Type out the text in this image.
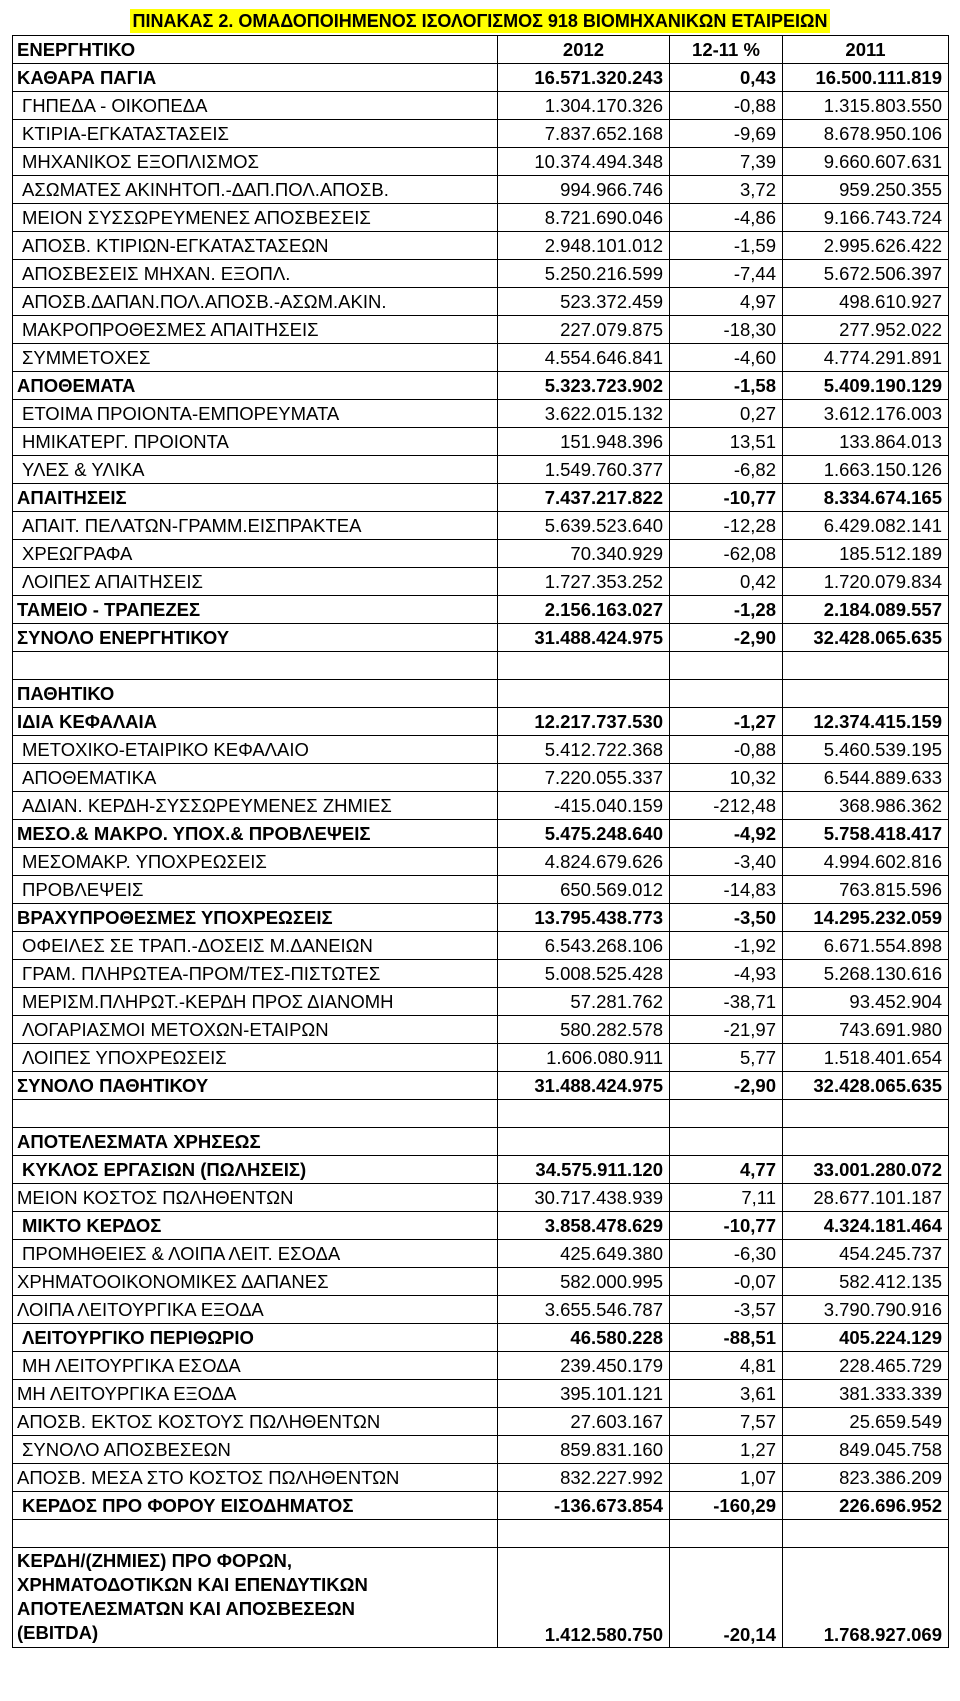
ΠΙΝΑΚΑΣ 2. ΟΜΑΔΟΠΟΙΗΜΕΝΟΣ ΙΣΟΛΟΓΙΣΜΟΣ 918 ΒΙΟΜΗΧΑΝΙΚΩΝ ΕΤΑΙΡΕΙΩΝ
ΕΝΕΡΓΗΤΙΚΟ	2012	12-11 %	2011
ΚΑΘΑΡΑ ΠΑΓΙΑ	16.571.320.243	0,43	16.500.111.819
ΓΗΠΕΔΑ - ΟΙΚΟΠΕΔΑ	1.304.170.326	-0,88	1.315.803.550
ΚΤΙΡΙΑ-ΕΓΚΑΤΑΣΤΑΣΕΙΣ	7.837.652.168	-9,69	8.678.950.106
ΜΗΧΑΝΙΚΟΣ ΕΞΟΠΛΙΣΜΟΣ	10.374.494.348	7,39	9.660.607.631
ΑΣΩΜΑΤΕΣ ΑΚΙΝΗΤΟΠ.-ΔΑΠ.ΠΟΛ.ΑΠΟΣΒ.	994.966.746	3,72	959.250.355
ΜΕΙΟΝ ΣΥΣΣΩΡΕΥΜΕΝΕΣ ΑΠΟΣΒΕΣΕΙΣ	8.721.690.046	-4,86	9.166.743.724
ΑΠΟΣΒ. ΚΤΙΡΙΩΝ-ΕΓΚΑΤΑΣΤΑΣΕΩΝ	2.948.101.012	-1,59	2.995.626.422
ΑΠΟΣΒΕΣΕΙΣ ΜΗΧΑΝ. ΕΞΟΠΛ.	5.250.216.599	-7,44	5.672.506.397
ΑΠΟΣΒ.ΔΑΠΑΝ.ΠΟΛ.ΑΠΟΣΒ.-ΑΣΩΜ.ΑΚΙΝ.	523.372.459	4,97	498.610.927
ΜΑΚΡΟΠΡΟΘΕΣΜΕΣ ΑΠΑΙΤΗΣΕΙΣ	227.079.875	-18,30	277.952.022
ΣΥΜΜΕΤΟΧΕΣ	4.554.646.841	-4,60	4.774.291.891
ΑΠΟΘΕΜΑΤΑ	5.323.723.902	-1,58	5.409.190.129
ΕΤΟΙΜΑ ΠΡΟΙΟΝΤΑ-ΕΜΠΟΡΕΥΜΑΤΑ	3.622.015.132	0,27	3.612.176.003
ΗΜΙΚΑΤΕΡΓ. ΠΡΟΙΟΝΤΑ	151.948.396	13,51	133.864.013
ΥΛΕΣ & ΥΛΙΚΑ	1.549.760.377	-6,82	1.663.150.126
ΑΠΑΙΤΗΣΕΙΣ	7.437.217.822	-10,77	8.334.674.165
ΑΠΑΙΤ. ΠΕΛΑΤΩΝ-ΓΡΑΜΜ.ΕΙΣΠΡΑΚΤΕΑ	5.639.523.640	-12,28	6.429.082.141
ΧΡΕΩΓΡΑΦΑ	70.340.929	-62,08	185.512.189
ΛΟΙΠΕΣ ΑΠΑΙΤΗΣΕΙΣ	1.727.353.252	0,42	1.720.079.834
ΤΑΜΕΙΟ - ΤΡΑΠΕΖΕΣ	2.156.163.027	-1,28	2.184.089.557
ΣΥΝΟΛΟ ΕΝΕΡΓΗΤΙΚΟΥ	31.488.424.975	-2,90	32.428.065.635

ΠΑΘΗΤΙΚΟ			
ΙΔΙΑ ΚΕΦΑΛΑΙΑ	12.217.737.530	-1,27	12.374.415.159
ΜΕΤΟΧΙΚΟ-ΕΤΑΙΡΙΚΟ ΚΕΦΑΛΑΙΟ	5.412.722.368	-0,88	5.460.539.195
ΑΠΟΘΕΜΑΤΙΚΑ	7.220.055.337	10,32	6.544.889.633
ΑΔΙΑΝ. ΚΕΡΔΗ-ΣΥΣΣΩΡΕΥΜΕΝΕΣ ΖΗΜΙΕΣ	-415.040.159	-212,48	368.986.362
ΜΕΣΟ.& ΜΑΚΡΟ. ΥΠΟΧ.& ΠΡΟΒΛΕΨΕΙΣ	5.475.248.640	-4,92	5.758.418.417
ΜΕΣΟΜΑΚΡ. ΥΠΟΧΡΕΩΣΕΙΣ	4.824.679.626	-3,40	4.994.602.816
ΠΡΟΒΛΕΨΕΙΣ	650.569.012	-14,83	763.815.596
ΒΡΑΧΥΠΡΟΘΕΣΜΕΣ ΥΠΟΧΡΕΩΣΕΙΣ	13.795.438.773	-3,50	14.295.232.059
ΟΦΕΙΛΕΣ ΣΕ ΤΡΑΠ.-ΔΟΣΕΙΣ Μ.ΔΑΝΕΙΩΝ	6.543.268.106	-1,92	6.671.554.898
ΓΡΑΜ. ΠΛΗΡΩΤΕΑ-ΠΡΟΜ/ΤΕΣ-ΠΙΣΤΩΤΕΣ	5.008.525.428	-4,93	5.268.130.616
ΜΕΡΙΣΜ.ΠΛΗΡΩΤ.-ΚΕΡΔΗ ΠΡΟΣ ΔΙΑΝΟΜΗ	57.281.762	-38,71	93.452.904
ΛΟΓΑΡΙΑΣΜΟΙ ΜΕΤΟΧΩΝ-ΕΤΑΙΡΩΝ	580.282.578	-21,97	743.691.980
ΛΟΙΠΕΣ ΥΠΟΧΡΕΩΣΕΙΣ	1.606.080.911	5,77	1.518.401.654
ΣΥΝΟΛΟ ΠΑΘΗΤΙΚΟΥ	31.488.424.975	-2,90	32.428.065.635

ΑΠΟΤΕΛΕΣΜΑΤΑ ΧΡΗΣΕΩΣ			
ΚΥΚΛΟΣ ΕΡΓΑΣΙΩΝ (ΠΩΛΗΣΕΙΣ)	34.575.911.120	4,77	33.001.280.072
ΜΕΙΟΝ ΚΟΣΤΟΣ ΠΩΛΗΘΕΝΤΩΝ	30.717.438.939	7,11	28.677.101.187
ΜΙΚΤΟ ΚΕΡΔΟΣ	3.858.478.629	-10,77	4.324.181.464
ΠΡΟΜΗΘΕΙΕΣ & ΛΟΙΠΑ ΛΕΙΤ. ΕΣΟΔΑ	425.649.380	-6,30	454.245.737
ΧΡΗΜΑΤΟΟΙΚΟΝΟΜΙΚΕΣ ΔΑΠΑΝΕΣ	582.000.995	-0,07	582.412.135
ΛΟΙΠΑ ΛΕΙΤΟΥΡΓΙΚΑ ΕΞΟΔΑ	3.655.546.787	-3,57	3.790.790.916
ΛΕΙΤΟΥΡΓΙΚΟ ΠΕΡΙΘΩΡΙΟ	46.580.228	-88,51	405.224.129
ΜΗ ΛΕΙΤΟΥΡΓΙΚΑ ΕΣΟΔΑ	239.450.179	4,81	228.465.729
ΜΗ ΛΕΙΤΟΥΡΓΙΚΑ ΕΞΟΔΑ	395.101.121	3,61	381.333.339
ΑΠΟΣΒ. ΕΚΤΟΣ ΚΟΣΤΟΥΣ ΠΩΛΗΘΕΝΤΩΝ	27.603.167	7,57	25.659.549
ΣΥΝΟΛΟ ΑΠΟΣΒΕΣΕΩΝ	859.831.160	1,27	849.045.758
ΑΠΟΣΒ. ΜΕΣΑ ΣΤΟ ΚΟΣΤΟΣ ΠΩΛΗΘΕΝΤΩΝ	832.227.992	1,07	823.386.209
ΚΕΡΔΟΣ ΠΡΟ ΦΟΡΟΥ ΕΙΣΟΔΗΜΑΤΟΣ	-136.673.854	-160,29	226.696.952

ΚΕΡΔΗ/(ΖΗΜΙΕΣ) ΠΡΟ ΦΟΡΩΝ,
ΧΡΗΜΑΤΟΔΟΤΙΚΩΝ ΚΑΙ ΕΠΕΝΔΥΤΙΚΩΝ
ΑΠΟΤΕΛΕΣΜΑΤΩΝ ΚΑΙ ΑΠΟΣΒΕΣΕΩΝ
(EBITDA)	1.412.580.750	-20,14	1.768.927.069
